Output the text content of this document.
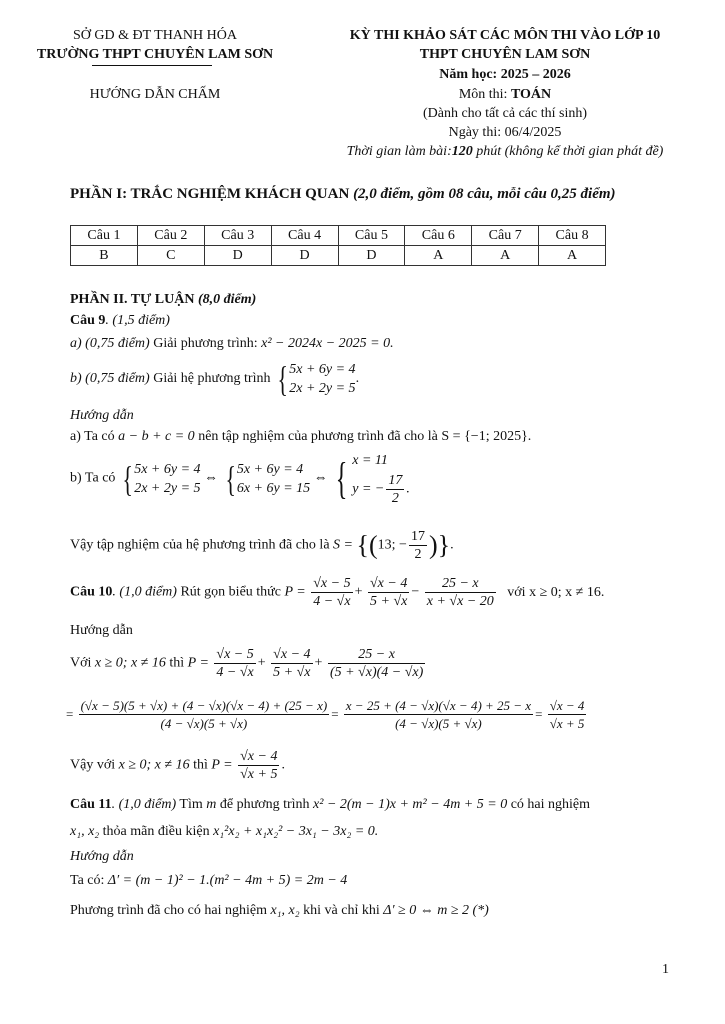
SỞ GD & ĐT THANH HÓA
TRƯỜNG THPT CHUYÊN LAM SƠN
HƯỚNG DẪN CHẤM
KỲ THI KHẢO SÁT CÁC MÔN THI VÀO LỚP 10
THPT CHUYÊN LAM SƠN
Năm học: 2025 – 2026
Môn thi: TOÁN
(Dành cho tất cả các thí sinh)
Ngày thi: 06/4/2025
Thời gian làm bài:120 phút (không kể thời gian phát đề)
PHẦN I: TRẮC NGHIỆM KHÁCH QUAN (2,0 điểm, gồm 08 câu, mỗi câu 0,25 điểm)
Câu 1	Câu 2	Câu 3	Câu 4	Câu 5	Câu 6	Câu 7	Câu 8
B	C	D	D	D	A	A	A
PHẦN II. TỰ LUẬN (8,0 điểm)
Câu 9. (1,5 điểm)
a) (0,75 điểm) Giải phương trình: x² − 2024x − 2025 = 0.
b) (0,75 điểm) Giải hệ phương trình { 5x + 6y = 4
2x + 2y = 5
.
Hướng dẫn
a) Ta có a − b + c = 0 nên tập nghiệm của phương trình đã cho là S = {−1; 2025}.
b) Ta có { 5x + 6y = 4
2x + 2y = 5
⇔ { 5x + 6y = 4
6x + 6y = 15
⇔ { x = 11
y = − $\frac{17}{2}$ .
Vậy tập nghiệm của hệ phương trình đã cho là S = {(13; − $\frac{17}{2}$ )}.
Câu 10. (1,0 điểm) Rút gọn biểu thức $P = \frac{√x - 5}{4 - √x} + \frac{√x - 4}{5 + √x} - \frac{25 - x}{x + √x - 20}$ với x ≥ 0; x ≠ 16.
Hướng dẫn
Với x ≥ 0; x ≠ 16 thì $P = \frac{√x - 5}{4 - √x} + \frac{√x - 4}{5 + √x} + \frac{25 - x}{(5 + √x)(4 - √x)}$
= $\frac{(√x - 5)(5 + √x) + (4 - √x)(√x - 4) + (25 - x)}{(4 - √x)(5 + √x)} = \frac{x - 25 + (4 - √x)(√x - 4) + 25 - x}{(4 - √x)(5 + √x)} = \frac{√x - 4}{√x + 5}$
Vậy với x ≥ 0; x ≠ 16 thì $P = \frac{√x - 4}{√x + 5}$ .
Câu 11. (1,0 điểm) Tìm m để phương trình x² − 2(m − 1)x + m² − 4m + 5 = 0 có hai nghiệm
x₁, x₂ thỏa mãn điều kiện x₁²x₂ + x₁x₂² − 3x₁ − 3x₂ = 0.
Hướng dẫn
Ta có: Δ′ = (m − 1)² − 1.(m² − 4m + 5) = 2m − 4
Phương trình đã cho có hai nghiệm x₁, x₂ khi và chỉ khi Δ′ ≥ 0 ⇔ m ≥ 2 (*)
1
